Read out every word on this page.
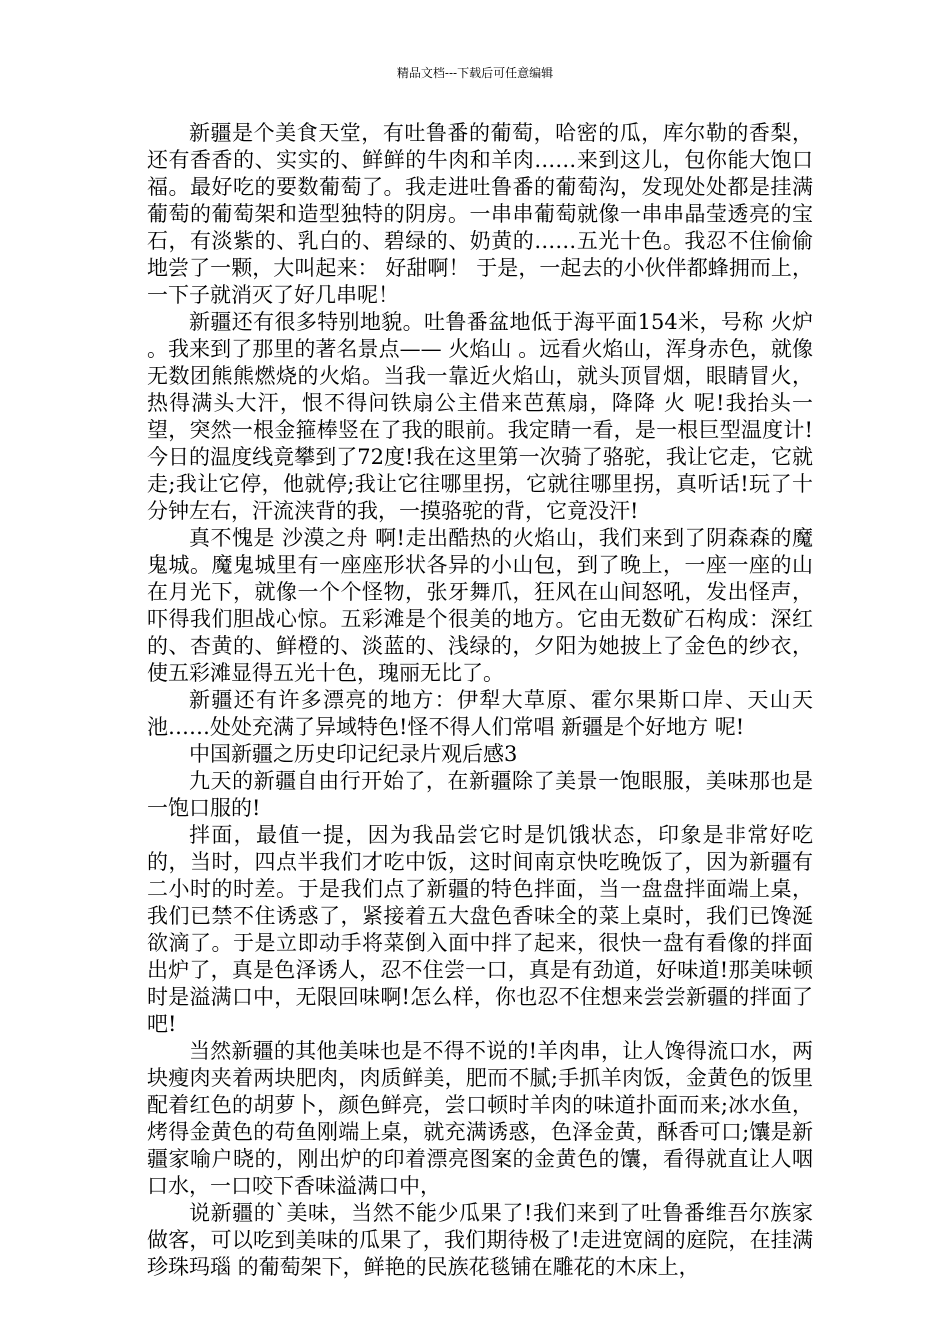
精品文档---下载后可任意编辑

新疆是个美食天堂，有吐鲁番的葡萄，哈密的瓜，库尔勒的香梨，还有香香的、实实的、鲜鲜的牛肉和羊肉……来到这儿，包你能大饱口福。最好吃的要数葡萄了。我走进吐鲁番的葡萄沟，发现处处都是挂满葡萄的葡萄架和造型独特的阴房。一串串葡萄就像一串串晶莹透亮的宝石，有淡紫的、乳白的、碧绿的、奶黄的……五光十色。我忍不住偷偷地尝了一颗，大叫起来： 好甜啊！ 于是，一起去的小伙伴都蜂拥而上，一下子就消灭了好几串呢！

新疆还有很多特别地貌。吐鲁番盆地低于海平面154米，号称 火炉 。我来到了那里的著名景点—— 火焰山 。远看火焰山，浑身赤色，就像无数团熊熊燃烧的火焰。当我一靠近火焰山，就头顶冒烟，眼睛冒火，热得满头大汗，恨不得问铁扇公主借来芭蕉扇，降降 火 呢!我抬头一望，突然一根金箍棒竖在了我的眼前。我定睛一看，是一根巨型温度计!今日的温度线竟攀到了72度!我在这里第一次骑了骆驼，我让它走，它就走;我让它停，他就停;我让它往哪里拐，它就往哪里拐，真听话!玩了十分钟左右，汗流浃背的我，一摸骆驼的背，它竟没汗!

真不愧是 沙漠之舟 啊!走出酷热的火焰山，我们来到了阴森森的魔鬼城。魔鬼城里有一座座形状各异的小山包，到了晚上，一座一座的山在月光下，就像一个个怪物，张牙舞爪，狂风在山间怒吼，发出怪声，吓得我们胆战心惊。五彩滩是个很美的地方。它由无数矿石构成：深红的、杏黄的、鲜橙的、淡蓝的、浅绿的，夕阳为她披上了金色的纱衣，使五彩滩显得五光十色，瑰丽无比了。

新疆还有许多漂亮的地方：伊犁大草原、霍尔果斯口岸、天山天池……处处充满了异域特色!怪不得人们常唱 新疆是个好地方 呢!

中国新疆之历史印记纪录片观后感3

九天的新疆自由行开始了，在新疆除了美景一饱眼服，美味那也是一饱口服的!

拌面，最值一提，因为我品尝它时是饥饿状态，印象是非常好吃的，当时，四点半我们才吃中饭，这时间南京快吃晚饭了，因为新疆有二小时的时差。于是我们点了新疆的特色拌面，当一盘盘拌面端上桌，我们已禁不住诱惑了，紧接着五大盘色香味全的菜上桌时，我们已馋涎欲滴了。于是立即动手将菜倒入面中拌了起来，很快一盘有看像的拌面出炉了，真是色泽诱人，忍不住尝一口，真是有劲道，好味道!那美味顿时是溢满口中，无限回味啊!怎么样，你也忍不住想来尝尝新疆的拌面了吧!

当然新疆的其他美味也是不得不说的!羊肉串，让人馋得流口水，两块瘦肉夹着两块肥肉，肉质鲜美，肥而不腻;手抓羊肉饭，金黄色的饭里配着红色的胡萝卜，颜色鲜亮，尝口顿时羊肉的味道扑面而来;冰水鱼，烤得金黄色的苟鱼刚端上桌，就充满诱惑，色泽金黄，酥香可口;馕是新疆家喻户晓的，刚出炉的印着漂亮图案的金黄色的馕，看得就直让人咽口水，一口咬下香味溢满口中，

说新疆的`美味，当然不能少瓜果了!我们来到了吐鲁番维吾尔族家做客，可以吃到美味的瓜果了，我们期待极了!走进宽阔的庭院，在挂满 珍珠玛瑙 的葡萄架下，鲜艳的民族花毯铺在雕花的木床上，
